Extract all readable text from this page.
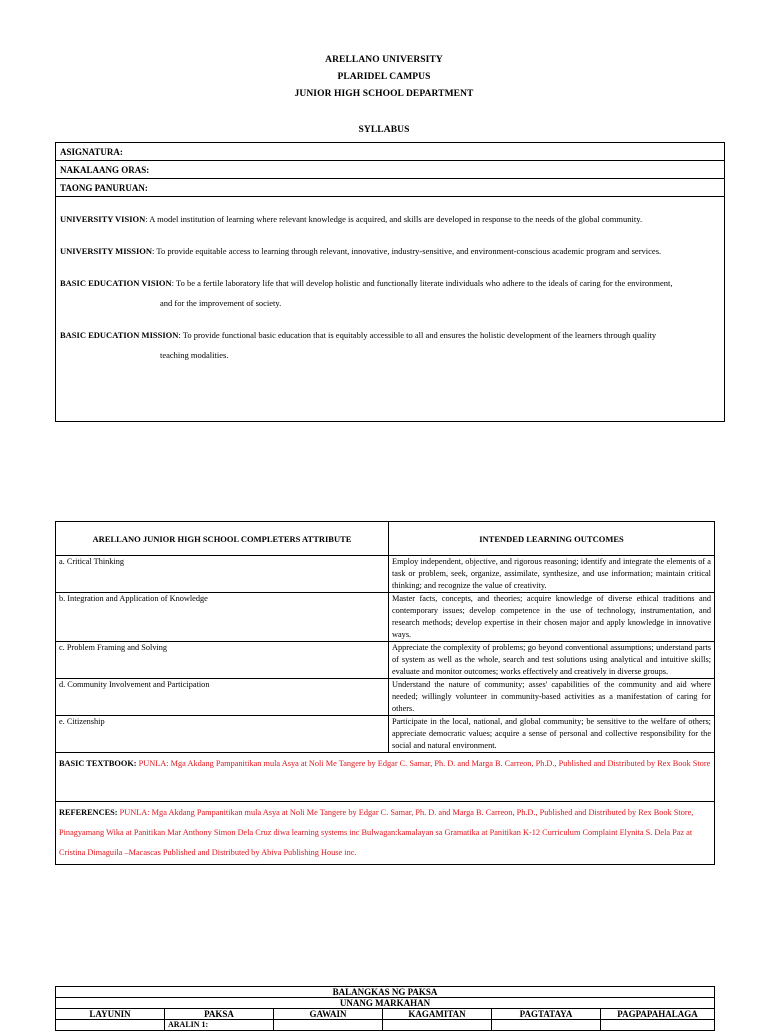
ARELLANO UNIVERSITY
PLARIDEL CAMPUS
JUNIOR HIGH SCHOOL DEPARTMENT
SYLLABUS
ASIGNATURA:
NAKALAANG ORAS:
TAONG PANURUAN:

UNIVERSITY VISION: A model institution of learning where relevant knowledge is acquired, and skills are developed in response to the needs of the global community.

UNIVERSITY MISSION: To provide equitable access to learning through relevant, innovative, industry-sensitive, and environment-conscious academic program and services.

BASIC EDUCATION VISION: To be a fertile laboratory life that will develop holistic and functionally literate individuals who adhere to the ideals of caring for the environment,

and for the improvement of society.

BASIC EDUCATION MISSION: To provide functional basic education that is equitably accessible to all and ensures the holistic development of the learners through quality

teaching modalities.

ARELLANO JUNIOR HIGH SCHOOL COMPLETERS ATTRIBUTE	INTENDED LEARNING OUTCOMES
a. Critical Thinking	Employ independent, objective, and rigorous reasoning; identify and integrate the elements of a task or problem, seek, organize, assimilate, synthesize, and use information; maintain critical thinking; and recognize the value of creativity.
b. Integration and Application of Knowledge	Master facts, concepts, and theories; acquire knowledge of diverse ethical traditions and contemporary issues; develop competence in the use of technology, instrumentation, and research methods; develop expertise in their chosen major and apply knowledge in innovative ways.
c. Problem Framing and Solving	Appreciate the complexity of problems; go beyond conventional assumptions; understand parts of system as well as the whole, search and test solutions using analytical and intuitive skills; evaluate and monitor outcomes; works effectively and creatively in diverse groups.
d. Community Involvement and Participation	Understand the nature of community; asses' capabilities of the community and aid where needed; willingly volunteer in community-based activities as a manifestation of caring for others.
e. Citizenship	Participate in the local, national, and global community; be sensitive to the welfare of others; appreciate democratic values; acquire a sense of personal and collective responsibility for the social and natural environment.
BASIC TEXTBOOK: PUNLA: Mga Akdang Pampanitikan mula Asya at Noli Me Tangere by Edgar C. Samar, Ph. D. and Marga B. Carreon, Ph.D., Published and Distributed by Rex Book Store	
REFERENCES: PUNLA: Mga Akdang Pampanitikan mula Asya at Noli Me Tangere by Edgar C. Samar, Ph. D. and Marga B. Carreon, Ph.D., Published and Distributed by Rex Book Store, Pinagyamang Wika at Panitikan Mar Anthony Simon Dela Cruz diwa learning systems inc Bulwagan:kamalayan sa Gramatika at Panitikan K-12 Curriculum Complaint Elynita S. Dela Paz at Cristina Dimaguila –Macascas Published and Distributed by Abiva Publishing House inc.	
BALANGKAS NG PAKSA					
UNANG MARKAHAN					
LAYUNIN	PAKSA	GAWAIN	KAGAMITAN	PAGTATAYA	PAGPAPAHALAGA
	ARALIN 1:				
